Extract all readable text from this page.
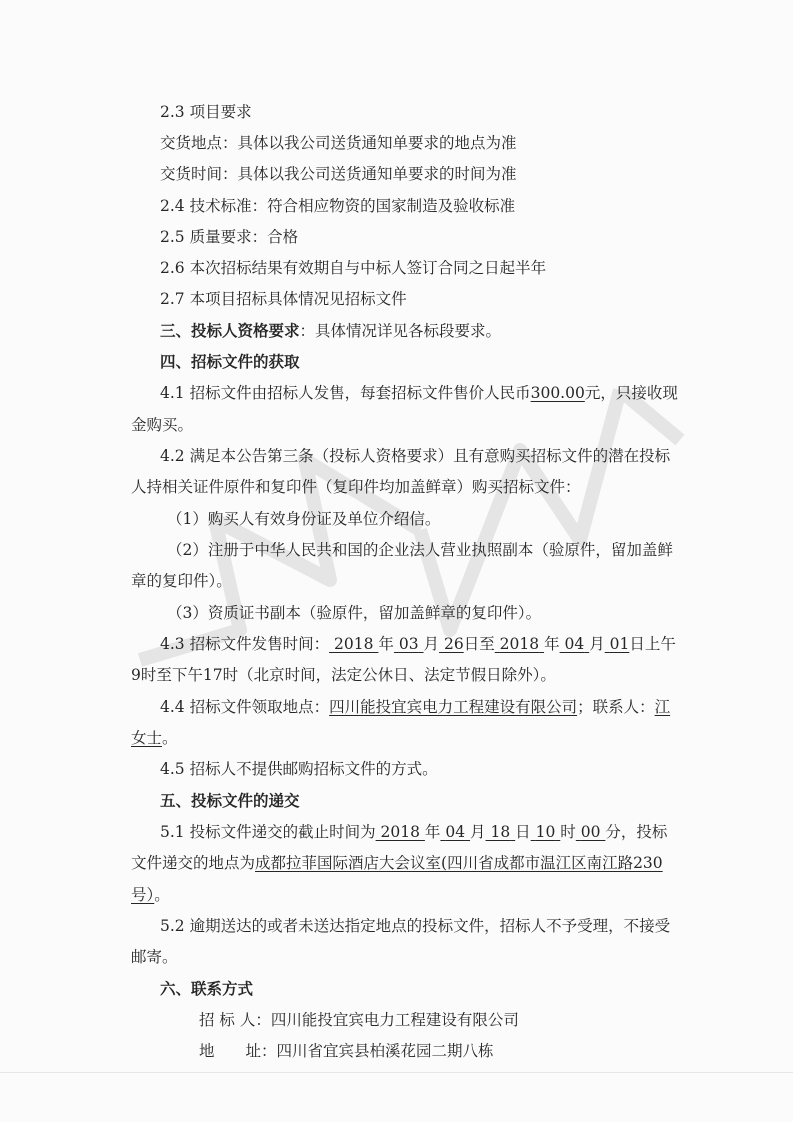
2.3 项目要求
交货地点：具体以我公司送货通知单要求的地点为准
交货时间：具体以我公司送货通知单要求的时间为准
2.4 技术标准：符合相应物资的国家制造及验收标准
2.5 质量要求：合格
2.6 本次招标结果有效期自与中标人签订合同之日起半年
2.7 本项目招标具体情况见招标文件
三、投标人资格要求：具体情况详见各标段要求。
四、招标文件的获取
4.1 招标文件由招标人发售，每套招标文件售价人民币300.00元，只接收现
金购买。
4.2 满足本公告第三条（投标人资格要求）且有意购买招标文件的潜在投标
人持相关证件原件和复印件（复印件均加盖鲜章）购买招标文件：
（1）购买人有效身份证及单位介绍信。
（2）注册于中华人民共和国的企业法人营业执照副本（验原件，留加盖鲜
章的复印件）。
（3）资质证书副本（验原件，留加盖鲜章的复印件）。
4.3 招标文件发售时间： 2018 年 03 月 26日至 2018 年 04 月 01日上午
9时至下午17时（北京时间，法定公休日、法定节假日除外）。
4.4 招标文件领取地点：四川能投宜宾电力工程建设有限公司；联系人：江
女士。
4.5 招标人不提供邮购招标文件的方式。
五、投标文件的递交
5.1 投标文件递交的截止时间为 2018 年 04 月 18 日 10 时 00 分，投标
文件递交的地点为成都拉菲国际酒店大会议室(四川省成都市温江区南江路230
号）。
5.2 逾期送达的或者未送达指定地点的投标文件，招标人不予受理，不接受
邮寄。
六、联系方式
招 标 人：四川能投宜宾电力工程建设有限公司
地　　址：四川省宜宾县柏溪花园二期八栋
